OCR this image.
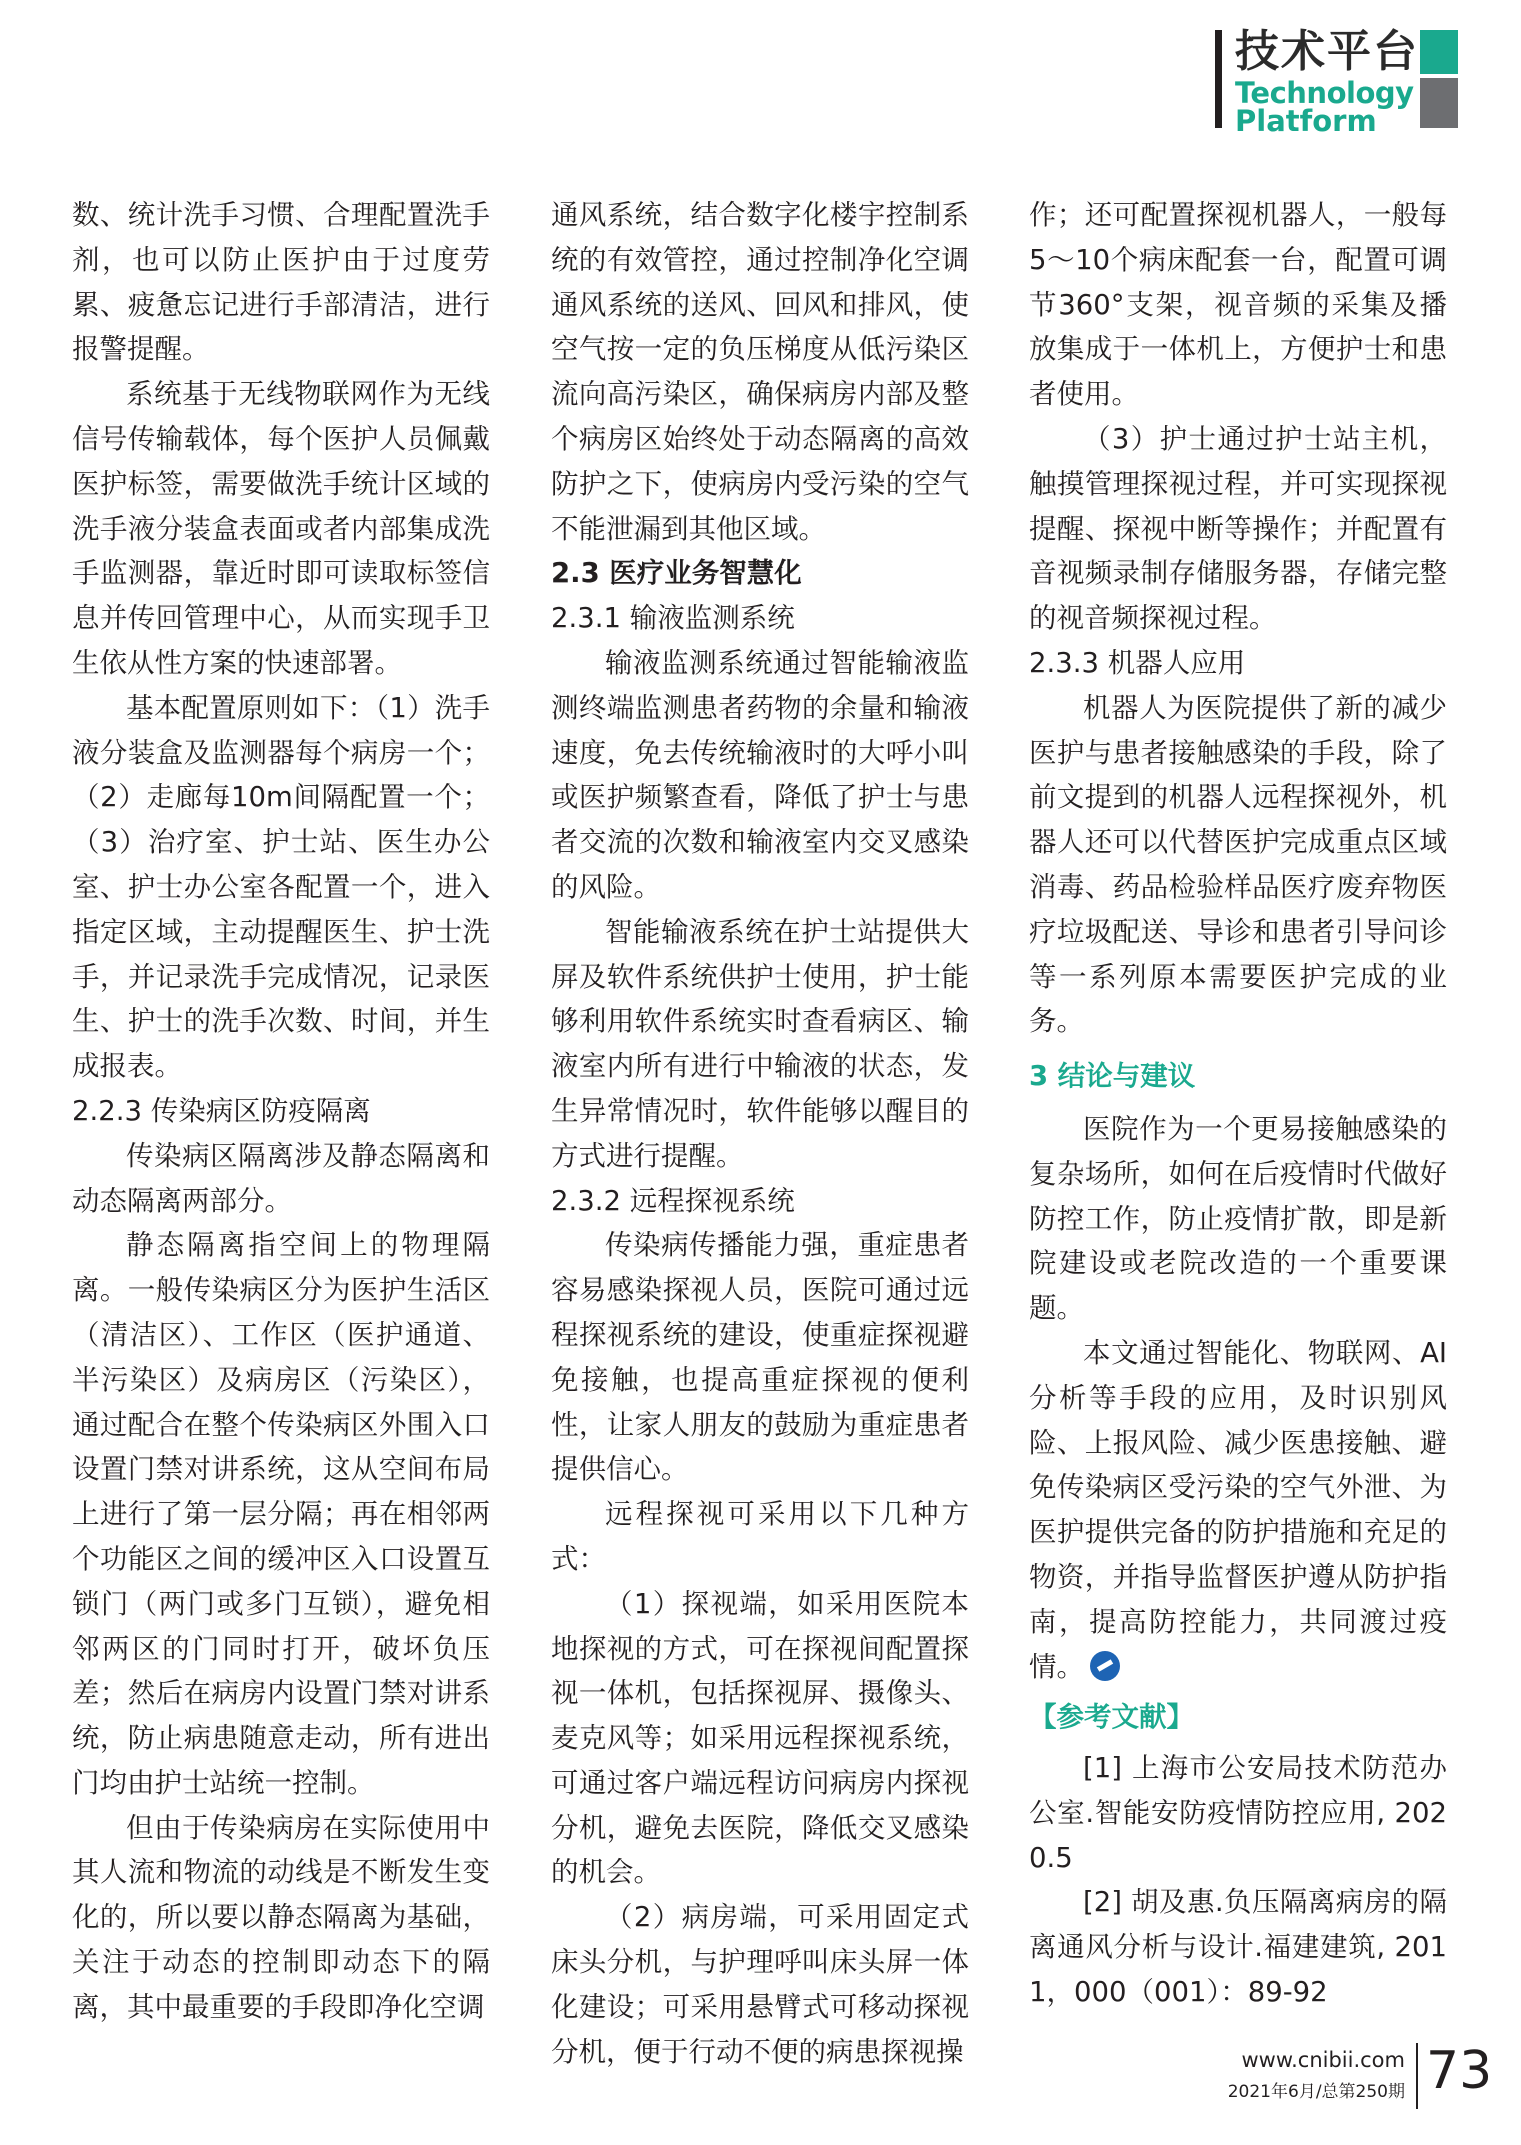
技术平台
Technology
Platform

数、统计洗手习惯、合理配置洗手剂，也可以防止医护由于过度劳累、疲惫忘记进行手部清洁，进行报警提醒。

系统基于无线物联网作为无线信号传输载体，每个医护人员佩戴医护标签，需要做洗手统计区域的洗手液分装盒表面或者内部集成洗手监测器，靠近时即可读取标签信息并传回管理中心，从而实现手卫生依从性方案的快速部署。

基本配置原则如下：（1）洗手液分装盒及监测器每个病房一个；（2）走廊每10m间隔配置一个；（3）治疗室、护士站、医生办公室、护士办公室各配置一个，进入指定区域，主动提醒医生、护士洗手，并记录洗手完成情况，记录医生、护士的洗手次数、时间，并生成报表。

2.2.3 传染病区防疫隔离

传染病区隔离涉及静态隔离和动态隔离两部分。

静态隔离指空间上的物理隔离。一般传染病区分为医护生活区（清洁区）、工作区（医护通道、半污染区）及病房区（污染区），通过配合在整个传染病区外围入口设置门禁对讲系统，这从空间布局上进行了第一层分隔；再在相邻两个功能区之间的缓冲区入口设置互锁门（两门或多门互锁），避免相邻两区的门同时打开，破坏负压差；然后在病房内设置门禁对讲系统，防止病患随意走动，所有进出门均由护士站统一控制。

但由于传染病房在实际使用中其人流和物流的动线是不断发生变化的，所以要以静态隔离为基础，关注于动态的控制即动态下的隔离，其中最重要的手段即净化空调

通风系统，结合数字化楼宇控制系统的有效管控，通过控制净化空调通风系统的送风、回风和排风，使空气按一定的负压梯度从低污染区流向高污染区，确保病房内部及整个病房区始终处于动态隔离的高效防护之下，使病房内受污染的空气不能泄漏到其他区域。

2.3 医疗业务智慧化

2.3.1 输液监测系统

输液监测系统通过智能输液监测终端监测患者药物的余量和输液速度，免去传统输液时的大呼小叫或医护频繁查看，降低了护士与患者交流的次数和输液室内交叉感染的风险。

智能输液系统在护士站提供大屏及软件系统供护士使用，护士能够利用软件系统实时查看病区、输液室内所有进行中输液的状态，发生异常情况时，软件能够以醒目的方式进行提醒。

2.3.2 远程探视系统

传染病传播能力强，重症患者容易感染探视人员，医院可通过远程探视系统的建设，使重症探视避免接触，也提高重症探视的便利性，让家人朋友的鼓励为重症患者提供信心。

远程探视可采用以下几种方式：

（1）探视端，如采用医院本地探视的方式，可在探视间配置探视一体机，包括探视屏、摄像头、麦克风等；如采用远程探视系统，可通过客户端远程访问病房内探视分机，避免去医院，降低交叉感染的机会。

（2）病房端，可采用固定式床头分机，与护理呼叫床头屏一体化建设；可采用悬臂式可移动探视分机，便于行动不便的病患探视操

作；还可配置探视机器人，一般每5～10个病床配套一台，配置可调节360°支架，视音频的采集及播放集成于一体机上，方便护士和患者使用。

（3）护士通过护士站主机，触摸管理探视过程，并可实现探视提醒、探视中断等操作；并配置有音视频录制存储服务器，存储完整的视音频探视过程。

2.3.3 机器人应用

机器人为医院提供了新的减少医护与患者接触感染的手段，除了前文提到的机器人远程探视外，机器人还可以代替医护完成重点区域消毒、药品检验样品医疗废弃物医疗垃圾配送、导诊和患者引导问诊等一系列原本需要医护完成的业务。

3 结论与建议

医院作为一个更易接触感染的复杂场所，如何在后疫情时代做好防控工作，防止疫情扩散，即是新院建设或老院改造的一个重要课题。

本文通过智能化、物联网、AI分析等手段的应用，及时识别风险、上报风险、减少医患接触、避免传染病区受污染的空气外泄、为医护提供完备的防护措施和充足的物资，并指导监督医护遵从防护指南，提高防控能力，共同渡过疫情。

【参考文献】

[1] 上海市公安局技术防范办公室.智能安防疫情防控应用, 2020.5

[2] 胡及惠.负压隔离病房的隔离通风分析与设计.福建建筑, 2011，000（001）：89-92

www.cnibii.com
2021年6月/总第250期 73
